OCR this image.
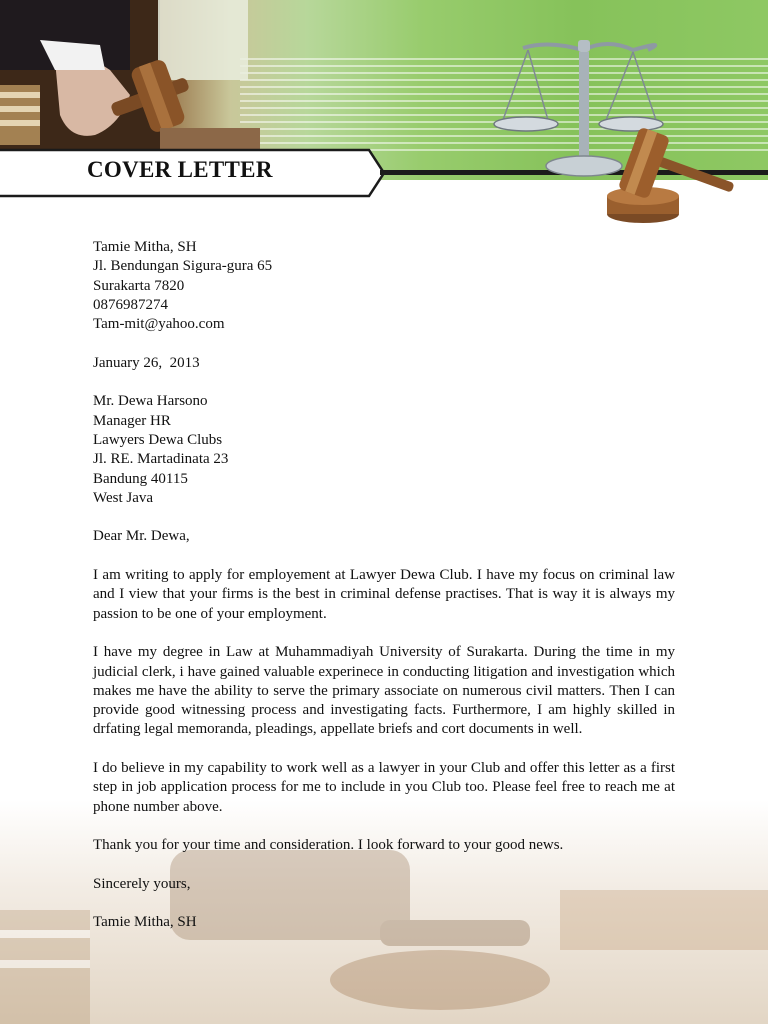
COVER LETTER
Tamie Mitha, SH
Jl. Bendungan Sigura-gura 65
Surakarta 7820
0876987274
Tam-mit@yahoo.com
January 26,  2013
Mr. Dewa Harsono
Manager HR
Lawyers Dewa Clubs
Jl. RE. Martadinata 23
Bandung 40115
West Java
Dear Mr. Dewa,

I am writing to apply for employement at Lawyer Dewa Club. I have my focus on criminal law and I view that your firms is the best in criminal defense practises. That is way it is always my passion to be one of your employment.

I have my degree in Law at Muhammadiyah University of Surakarta. During the time in my judicial clerk, i have gained valuable experinece in conducting litigation and investigation which makes me have the ability to serve the primary associate on numerous civil matters. Then I can provide good witnessing process and investigating facts. Furthermore, I am highly skilled in drfating legal memoranda, pleadings, appellate briefs and cort documents in well.

I do believe in my capability to work well as a lawyer in your Club and offer this letter as a first step in job application process for me to include in you Club too. Please feel free to reach me at phone number above.

Thank you for your time and consideration. I look forward to your good news.

Sincerely yours,
Tamie Mitha, SH
